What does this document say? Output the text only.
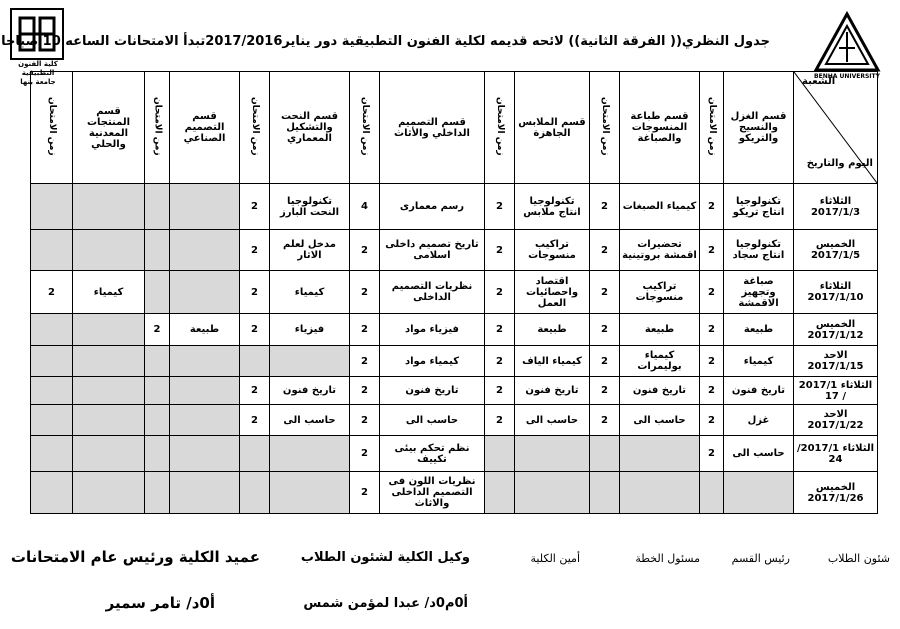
BENHA UNIVERSITY
كلية الفنون التطبيقية
جامعة بنها
جدول النظري(( الفرقة الثانية)) لائحه قديمه لكلية الفنون التطبيقية دور يناير2017/2016تبدأ الامتحانات الساعه 10 صباحا
الشعبة
اليوم والتاريخ	قسم الغزل والنسيج والتريكو	زمن الامتحان	قسم طباعة المنسوجات والصباغة	زمن الامتحان	قسم الملابس الجاهزة	زمن الامتحان	قسم التصميم الداخلي والأثاث	زمن الامتحان	قسم النحت والتشكيل المعماري	زمن الامتحان	قسم التصميم الصناعي	زمن الامتحان	قسم المنتجات المعدنية والحلي	زمن الامتحان
الثلاثاء 2017/1/3	تكنولوجيا انتاج تريكو	2	كيمياء الصبغات	2	تكنولوجيا انتاج ملابس	2	رسم معمارى	4	تكنولوجيا النحت البارز	2				
الخميس 2017/1/5	تكنولوجيا انتاج سجاد	2	تحضيرات اقمشة بروتينية	2	تراكيب منسوجات	2	تاريخ تصميم داخلى اسلامى	2	مدخل لعلم الاثار	2				
الثلاثاء 2017/1/10	صباغة وتجهيز الاقمشة	2	تراكيب منسوجات	2	اقتصاد واحصائيات العمل	2	نظريات التصميم الداخلى	2	كيمياء	2			كيمياء	2
الخميس 2017/1/12	طبيعة	2	طبيعة	2	طبيعة	2	فيزياء مواد	2	فيزياء	2	طبيعة	2		
الاحد 2017/1/15	كيمياء	2	كيمياء بوليمرات	2	كيمياء الياف	2	كيمياء مواد	2						
الثلاثاء 2017/1 / 17	تاريخ فنون	2	تاريخ فنون	2	تاريخ فنون	2	تاريخ فنون	2	تاريخ فنون	2				
الاحد 2017/1/22	غزل	2	حاسب الى	2	حاسب الى	2	حاسب الى	2	حاسب الى	2				
الثلاثاء 2017/1/ 24	حاسب الى	2					نظم تحكم بيئى تكييف	2						
الخميس 2017/1/26							نظريات اللون فى التصميم الداخلى والاثاث	2						
شئون الطلاب
رئيس القسم
مسئول الخطة
أمين الكلية
وكيل الكلية لشئون الطلاب
عميد الكلية ورئيس عام الامتحانات
أ0م0د/ عبدا لمؤمن شمس
أ0د/ تامر سمير
